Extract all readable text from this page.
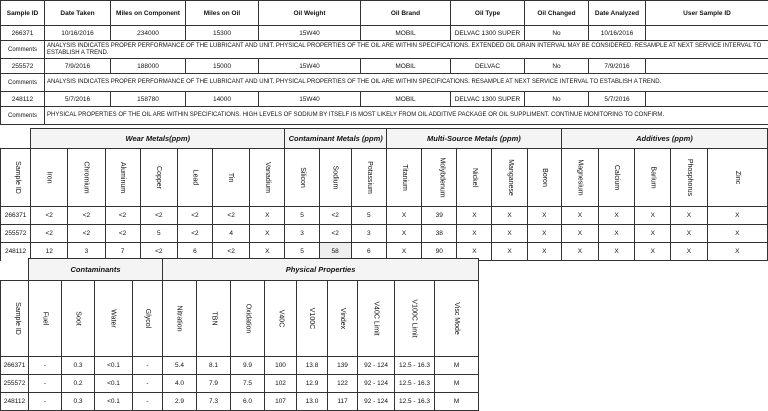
Sample ID	Date Taken	Miles on Component	Miles on Oil	Oil Weight	Oil Brand	Oil Type	Oil Changed	Date Analyzed	User Sample ID
266371	10/16/2016	234000	15300	15W40	MOBIL	DELVAC 1300 SUPER	No	10/16/2016	
Comments	ANALYSIS INDICATES PROPER PERFORMANCE OF THE LUBRICANT AND UNIT. PHYSICAL PROPERTIES OF THE OIL ARE WITHIN SPECIFICATIONS. EXTENDED OIL DRAIN INTERVAL MAY BE CONSIDERED. RESAMPLE AT NEXT SERVICE INTERVAL TO ESTABLISH A TREND.								
255572	7/9/2016	188000	15000	15W40	MOBIL	DELVAC	No	7/9/2016	
Comments	ANALYSIS INDICATES PROPER PERFORMANCE OF THE LUBRICANT AND UNIT. PHYSICAL PROPERTIES OF THE OIL ARE WITHIN SPECIFICATIONS. RESAMPLE AT NEXT SERVICE INTERVAL TO ESTABLISH A TREND.								
248112	5/7/2016	158780	14000	15W40	MOBIL	DELVAC 1300 SUPER	No	5/7/2016	
Comments	PHYSICAL PROPERTIES OF THE OIL ARE WITHIN SPECIFICATIONS. HIGH LEVELS OF SODIUM BY ITSELF IS MOST LIKELY FROM OIL ADDITIVE PACKAGE OR OIL SUPPLIMENT. CONTINUE MONITORING TO CONFIRM.								
	Wear Metals(ppm)							Contaminant Metals (ppm)			Multi-Source Metals (ppm)					Additives (ppm)				
Sample ID	Iron	Chromium	Aluminum	Copper	Lead	Tin	Vanadium	Silicon	Sodium	Potassium	Titanium	Molybdenum	Nickel	Manganese	Boron	Magnesium	Calcium	Barium	Phosphorus	Zinc
266371	<2	<2	<2	<2	<2	<2	X	5	<2	5	X	39	X	X	X	X	X	X	X	X
255572	<2	<2	<2	5	<2	4	X	3	<2	3	X	38	X	X	X	X	X	X	X	X
248112	12	3	7	<2	6	<2	X	5	58	6	X	90	X	X	X	X	X	X	X	X
	Contaminants				Physical Properties								
Sample ID	Fuel	Soot	Water	Glycol	Nitration	TBN	Oxidation	V40C	V100C	Vindex	V40C Limit	V100C Limit	Visc Mode
266371	-	0.3	<0.1	-	5.4	8.1	9.9	100	13.8	139	92 - 124	12.5 - 16.3	M
255572	-	0.2	<0.1	-	4.0	7.9	7.5	102	12.9	122	92 - 124	12.5 - 16.3	M
248112	-	0.3	<0.1	-	2.9	7.3	6.0	107	13.0	117	92 - 124	12.5 - 16.3	M
